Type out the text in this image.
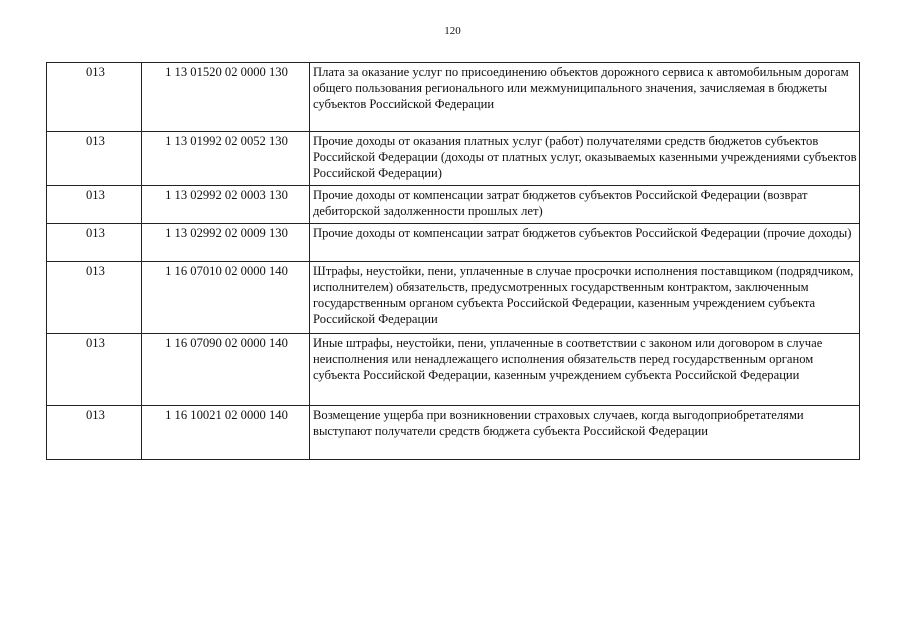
120
013	1 13 01520 02 0000 130	Плата за оказание услуг по присоединению объектов дорожного сервиса к автомобильным дорогам общего пользования регионального или межмуниципального значения, зачисляемая в бюджеты субъектов Российской Федерации
013	1 13 01992 02 0052 130	Прочие доходы от оказания платных услуг (работ) получателями средств бюджетов субъектов Российской Федерации (доходы от платных услуг, оказываемых казенными учреждениями субъектов Российской Федерации)
013	1 13 02992 02 0003 130	Прочие доходы от компенсации затрат бюджетов субъектов Российской Федерации (возврат дебиторской задолженности прошлых лет)
013	1 13 02992 02 0009 130	Прочие доходы от компенсации затрат бюджетов субъектов Российской Федерации (прочие доходы)
013	1 16 07010 02 0000 140	Штрафы, неустойки, пени, уплаченные в случае просрочки исполнения поставщиком (подрядчиком, исполнителем) обязательств, предусмотренных государственным контрактом, заключенным государственным органом субъекта Российской Федерации, казенным учреждением субъекта Российской Федерации
013	1 16 07090 02 0000 140	Иные штрафы, неустойки, пени, уплаченные в соответствии с законом или договором в случае неисполнения или ненадлежащего исполнения обязательств перед государственным органом субъекта Российской Федерации, казенным учреждением субъекта Российской Федерации
013	1 16 10021 02 0000 140	Возмещение ущерба при возникновении страховых случаев, когда выгодоприобретателями выступают получатели средств бюджета субъекта Российской Федерации
